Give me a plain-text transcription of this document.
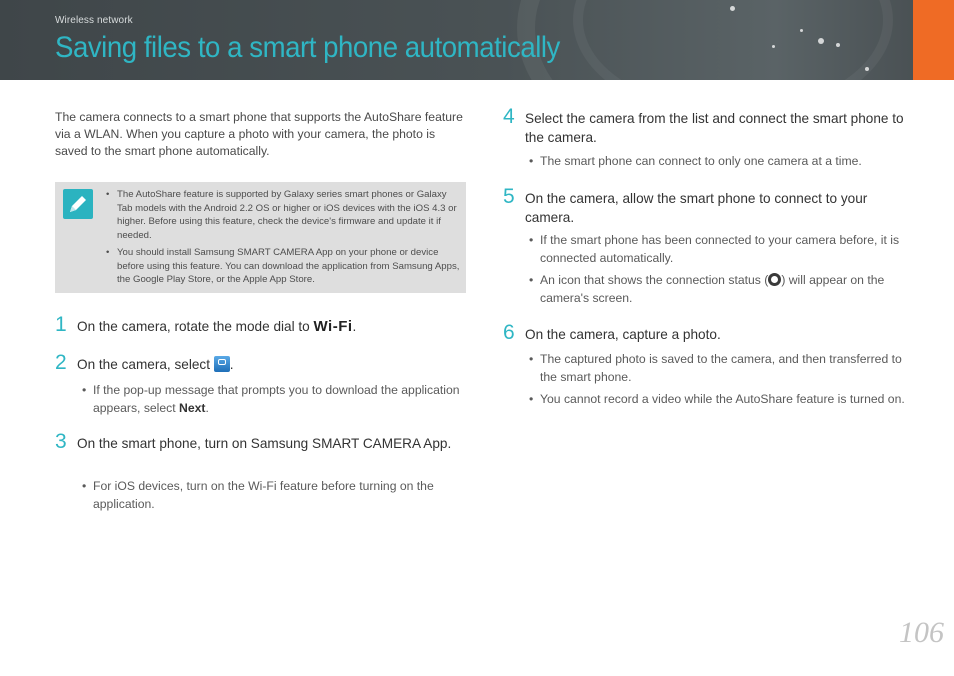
Wireless network
Saving files to a smart phone automatically

The camera connects to a smart phone that supports the AutoShare feature via a WLAN. When you capture a photo with your camera, the photo is saved to the smart phone automatically.

• The AutoShare feature is supported by Galaxy series smart phones or Galaxy Tab models with the Android 2.2 OS or higher or iOS devices with the iOS 4.3 or higher. Before using this feature, check the device's firmware and update it if needed.
• You should install Samsung SMART CAMERA App on your phone or device before using this feature. You can download the application from Samsung Apps, the Google Play Store, or the Apple App Store.
1 On the camera, rotate the mode dial to Wi-Fi.
2 On the camera, select .
• If the pop-up message that prompts you to download the application appears, select Next.
3 On the smart phone, turn on Samsung SMART CAMERA App.
• For iOS devices, turn on the Wi-Fi feature before turning on the application.
4 Select the camera from the list and connect the smart phone to the camera.
• The smart phone can connect to only one camera at a time.
5 On the camera, allow the smart phone to connect to your camera.
• If the smart phone has been connected to your camera before, it is connected automatically.
• An icon that shows the connection status ( ) will appear on the camera's screen.
6 On the camera, capture a photo.
• The captured photo is saved to the camera, and then transferred to the smart phone.
• You cannot record a video while the AutoShare feature is turned on.
106
